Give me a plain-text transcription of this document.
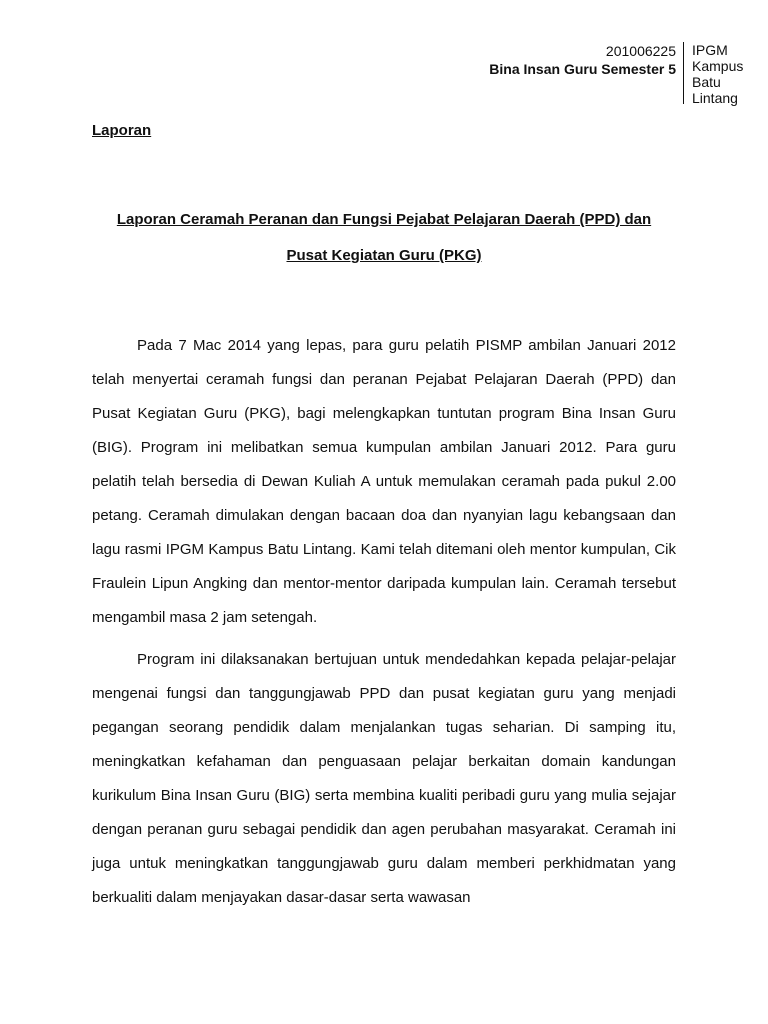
201006225
Bina Insan Guru Semester 5
IPGM
Kampus
Batu
Lintang
Laporan
Laporan Ceramah Peranan dan Fungsi Pejabat Pelajaran Daerah (PPD) dan
Pusat Kegiatan Guru (PKG)

Pada 7 Mac 2014 yang lepas, para guru pelatih PISMP ambilan Januari 2012 telah menyertai ceramah fungsi dan peranan Pejabat Pelajaran Daerah (PPD) dan Pusat Kegiatan Guru (PKG), bagi melengkapkan tuntutan program Bina Insan Guru (BIG). Program ini melibatkan semua kumpulan ambilan Januari 2012. Para guru pelatih telah bersedia di Dewan Kuliah A untuk memulakan ceramah pada pukul 2.00 petang. Ceramah dimulakan dengan bacaan doa dan nyanyian lagu kebangsaan dan lagu rasmi IPGM Kampus Batu Lintang. Kami telah ditemani oleh mentor kumpulan, Cik Fraulein Lipun Angking dan mentor-mentor daripada kumpulan lain. Ceramah tersebut mengambil masa 2 jam setengah.

Program ini dilaksanakan bertujuan untuk mendedahkan kepada pelajar-pelajar mengenai fungsi dan tanggungjawab PPD dan pusat kegiatan guru yang menjadi pegangan seorang pendidik dalam menjalankan tugas seharian. Di samping itu, meningkatkan kefahaman dan penguasaan pelajar berkaitan domain kandungan kurikulum Bina Insan Guru (BIG) serta membina kualiti peribadi guru yang mulia sejajar dengan peranan guru sebagai pendidik dan agen perubahan masyarakat. Ceramah ini juga untuk meningkatkan tanggungjawab guru dalam memberi perkhidmatan yang berkualiti dalam menjayakan dasar-dasar serta wawasan
